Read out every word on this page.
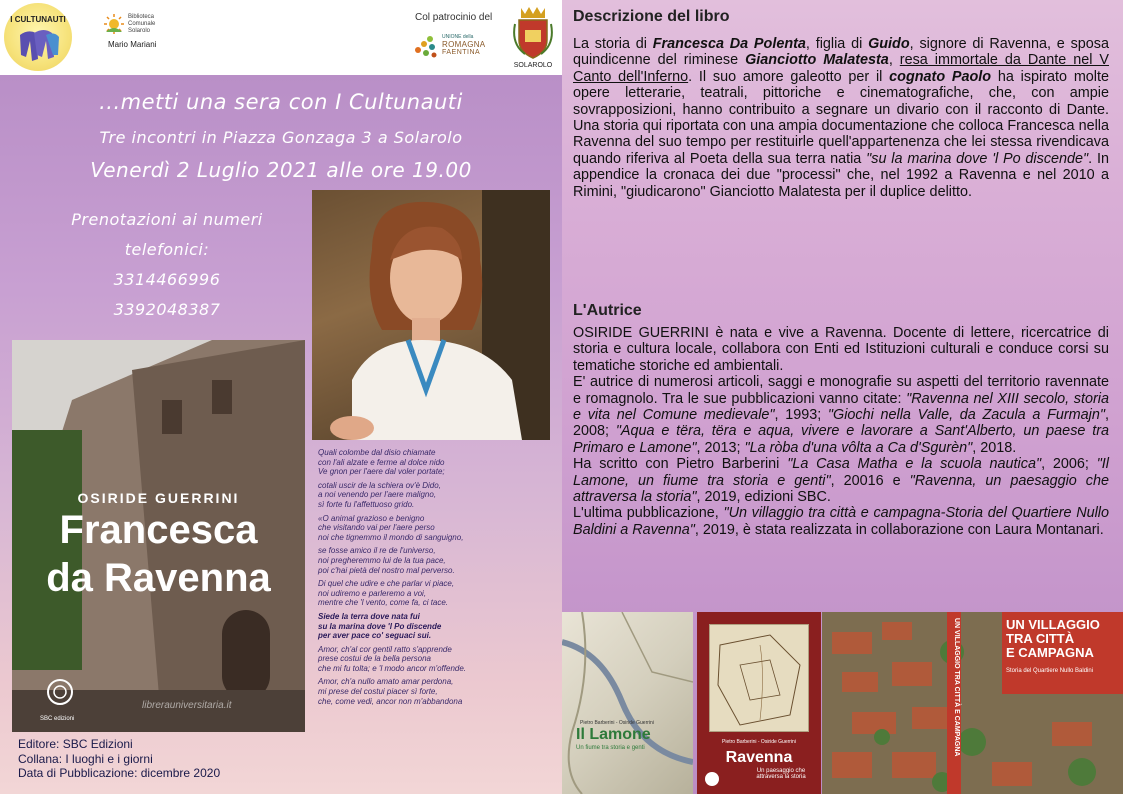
I CULTUNAUTI	Biblioteca
Comunale
Solarolo
Mario Mariani
Col patrocinio del
UNIONE della
ROMAGNA
FAENTINA
SOLAROLO
...metti una sera con I Cultunauti
Tre incontri in Piazza Gonzaga 3 a Solarolo
Venerdì 2 Luglio 2021 alle ore 19.00
Prenotazioni ai numeri
telefonici:
3314466996
3392048387
OSIRIDE GUERRINI
Francesca
da Ravenna
librerauniversitaria.it
SBC edizioni

Quali colombe dal disio chiamate
con l'ali alzate e ferme al dolce nido
Ve gnon per l'aere dal voler portate;

cotali uscir de la schiera ov'è Dido,
a noi venendo per l'aere maligno,
sì forte fu l'affettuoso grido.

«O animal grazioso e benigno
che visitando vai per l'aere perso
noi che tignemmo il mondo di sanguigno,

se fosse amico il re de l'universo,
noi pregheremmo lui de la tua pace,
poi c'hai pietà del nostro mal perverso.

Di quel che udire e che parlar vi piace,
noi udiremo e parleremo a voi,
mentre che 'l vento, come fa, ci tace.

Siede la terra dove nata fui
su la marina dove 'l Po discende
per aver pace co' seguaci sui.

Amor, ch'al cor gentil ratto s'apprende
prese costui de la bella persona
che mi fu tolta; e 'l modo ancor m'offende.

Amor, ch'a nullo amato amar perdona,
mi prese del costui piacer sì forte,
che, come vedi, ancor non m'abbandona

Editore: SBC Edizioni
Collana: I luoghi e i giorni
Data di Pubblicazione: dicembre 2020
Descrizione del libro
La storia di Francesca Da Polenta, figlia di Guido, signore di Ravenna, e sposa quindicenne del riminese Gianciotto Malatesta, resa immortale da Dante nel V Canto dell'Inferno. Il suo amore galeotto per il cognato Paolo ha ispirato molte opere letterarie, teatrali, pittoriche e cinematografiche, che, con ampie sovrapposizioni, hanno contribuito a segnare un divario con il racconto di Dante. Una storia qui riportata con una ampia documentazione che colloca Francesca nella Ravenna del suo tempo per restituirle quell'appartenenza che lei stessa rivendicava quando riferiva al Poeta della sua terra natia "su la marina dove 'l Po discende". In appendice la cronaca dei due "processi" che, nel 1992 a Ravenna e nel 2010 a Rimini, "giudicarono" Gianciotto Malatesta per il duplice delitto.
L'Autrice
OSIRIDE GUERRINI è nata e vive a Ravenna. Docente di lettere, ricercatrice di storia e cultura locale, collabora con Enti ed Istituzioni culturali e conduce corsi su tematiche storiche ed ambientali.
E' autrice di numerosi articoli, saggi e monografie su aspetti del territorio ravennate e romagnolo. Tra le sue pubblicazioni vanno citate: "Ravenna nel XIII secolo, storia e vita nel Comune medievale", 1993; "Giochi nella Valle, da Zacula a Furmajn", 2008; "Aqua e tëra, tëra e aqua, vivere e lavorare a Sant'Alberto, un paese tra Primaro e Lamone", 2013; "La ròba d'una vôlta a Ca d'Sgurèn", 2018.
Ha scritto con Pietro Barberini "La Casa Matha e la scuola nautica", 2006; "Il Lamone, un fiume tra storia e genti", 20016 e "Ravenna, un paesaggio che attraversa la storia", 2019, edizioni SBC.
L'ultima pubblicazione, "Un villaggio tra città e campagna-Storia del Quartiere Nullo Baldini a Ravenna", 2019, è stata realizzata in collaborazione con Laura Montanari.
Pietro Barberini - Osiride Guerrini
Il Lamone
Un fiume tra storia e genti
Pietro Barberini - Osiride Guerrini
Ravenna
Un paesaggio che attraversa la storia
UN VILLAGGIO TRA CITTÀ E CAMPAGNA	UN VILLAGGIO
TRA CITTÀ
E CAMPAGNA
Storia del Quartiere Nullo Baldini
